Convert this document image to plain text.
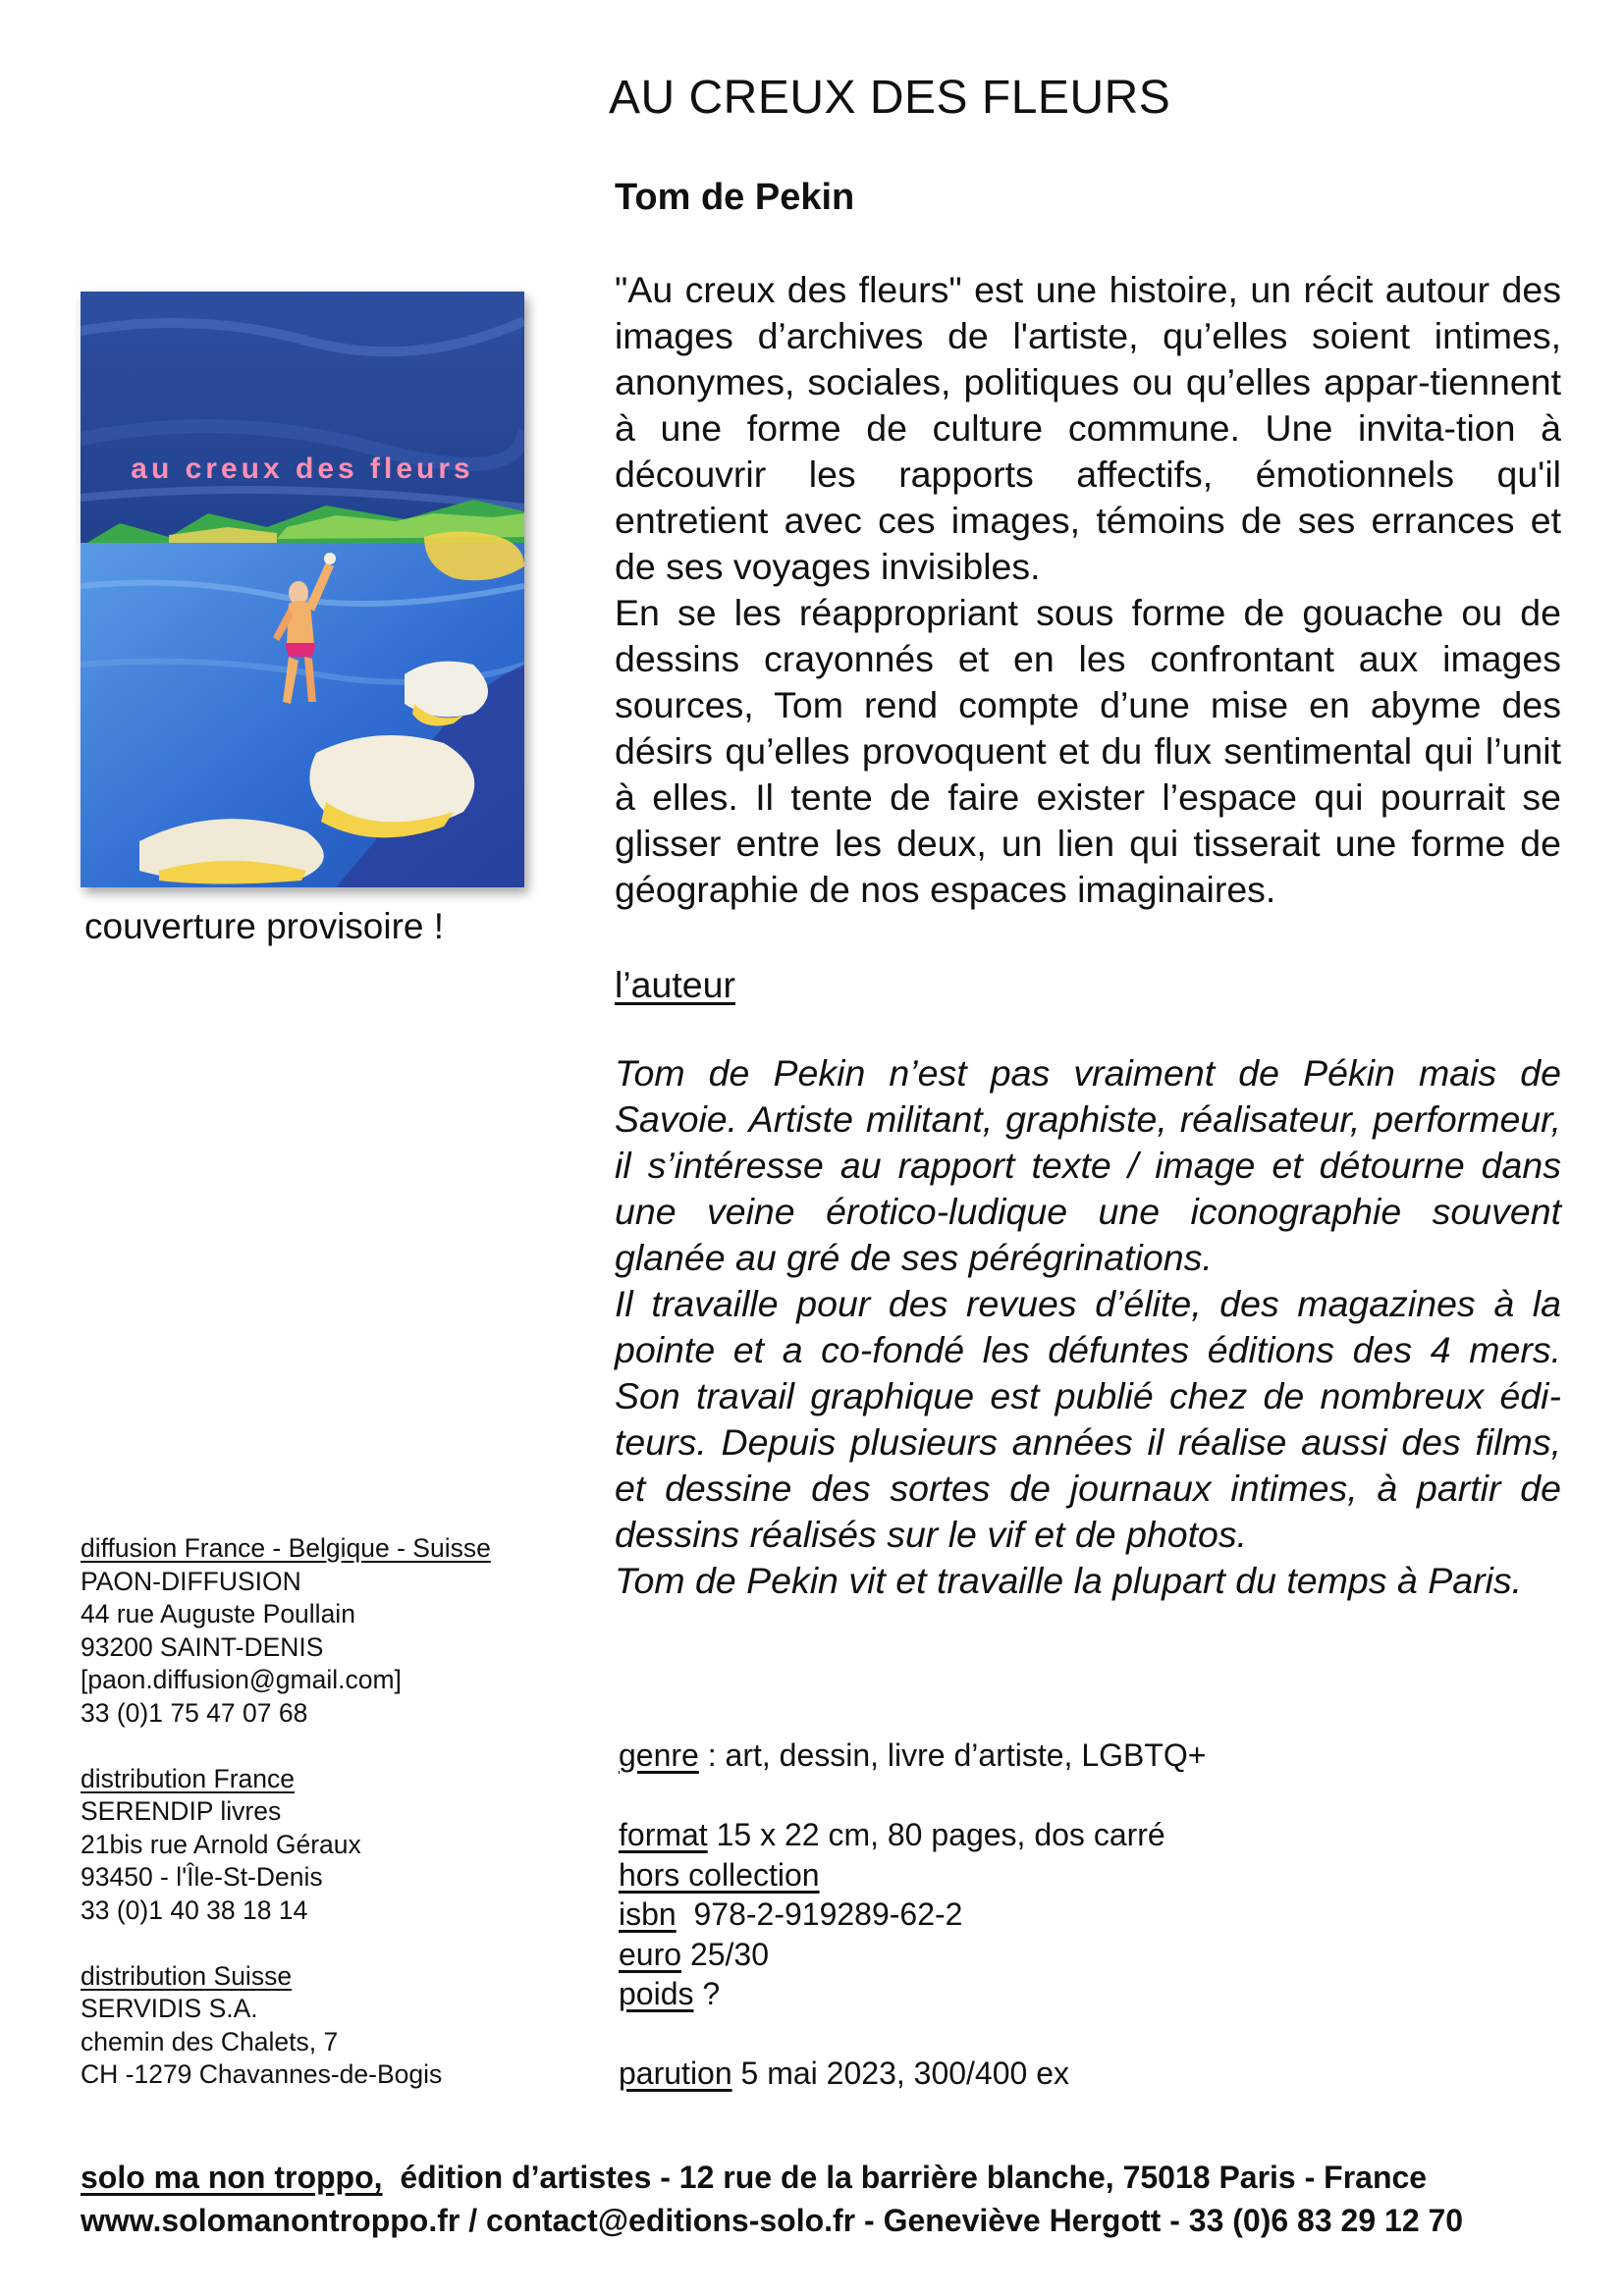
AU CREUX DES FLEURS
Tom de Pekin
au creux des fleurs
couverture provisoire !

"Au creux des fleurs" est une histoire, un récit autour des images d’archives de l'artiste, qu’elles soient intimes, anonymes, sociales, politiques ou qu’elles appar-tiennent à une forme de culture commune. Une invita-tion à découvrir les rapports affectifs, émotionnels qu'il entretient avec ces images, témoins de ses errances et de ses voyages invisibles.

En se les réappropriant sous forme de gouache ou de dessins crayonnés et en les confrontant aux images sources, Tom rend compte d’une mise en abyme des désirs qu’elles provoquent et du flux sentimental qui l’unit à elles. Il tente de faire exister l’espace qui pourrait se glisser entre les deux, un lien qui tisserait une forme de géographie de nos espaces imaginaires.

l’auteur

Tom de Pekin n’est pas vraiment de Pékin mais de Savoie. Artiste militant, graphiste, réalisateur, performeur, il s’intéresse au rapport texte / image et détourne dans une veine érotico-ludique une iconographie souvent glanée au gré de ses pérégrinations.

Il travaille pour des revues d’élite, des magazines à la pointe et a co-fondé les défuntes éditions des 4 mers. Son travail graphique est publié chez de nombreux édi-teurs. Depuis plusieurs années il réalise aussi des films, et dessine des sortes de journaux intimes, à partir de dessins réalisés sur le vif et de photos.

Tom de Pekin vit et travaille la plupart du temps à Paris.

diffusion France - Belgique - Suisse
PAON-DIFFUSION
44 rue Auguste Poullain
93200 SAINT-DENIS
[paon.diffusion@gmail.com]
33 (0)1 75 47 07 68
distribution France
SERENDIP livres
21bis rue Arnold Géraux
93450 - l'Île-St-Denis
33 (0)1 40 38 18 14
distribution Suisse
SERVIDIS S.A.
chemin des Chalets, 7
CH -1279 Chavannes-de-Bogis
genre : art, dessin, livre d’artiste, LGBTQ+
format 15 x 22 cm, 80 pages, dos carré
hors collection
isbn  978-2-919289-62-2
euro 25/30
poids ?
parution 5 mai 2023, 300/400 ex
solo ma non troppo,  édition d’artistes - 12 rue de la barrière blanche, 75018 Paris - France
www.solomanontroppo.fr / contact@editions-solo.fr - Geneviève Hergott - 33 (0)6 83 29 12 70
